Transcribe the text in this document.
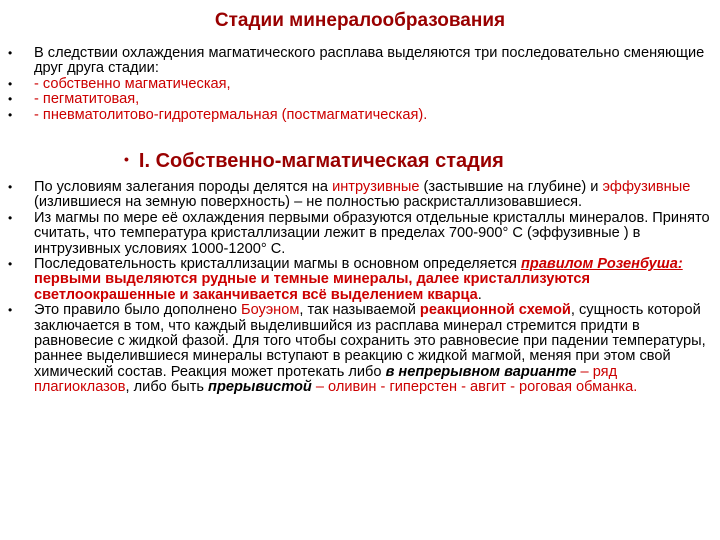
Стадии минералообразования
• В следствии охлаждения магматического расплава выделяются три последовательно сменяющие друг друга стадии:
• - собственно магматическая,
• - пегматитовая,
• - пневматолитово-гидротермальная (постмагматическая).
• I. Собственно-магматическая стадия
• По условиям залегания породы делятся на интрузивные (застывшие на глубине) и эффузивные (излившиеся на земную поверхность) – не полностью раскристаллизовавшиеся.
• Из магмы по мере её охлаждения первыми образуются отдельные кристаллы минералов. Принято считать, что температура кристаллизации лежит в пределах 700-900° С (эффузивные ) в интрузивных условиях 1000-1200° С.
• Последовательность кристаллизации магмы в основном определяется правилом Розенбуша: первыми выделяются рудные и темные минералы, далее кристаллизуются светлоокрашенные и заканчивается всё выделением кварца.
• Это правило было дополнено Боуэном, так называемой реакционной схемой, сущность которой заключается в том, что каждый выделившийся из расплава минерал стремится придти в равновесие с жидкой фазой. Для того чтобы сохранить это равновесие при падении температуры, раннее выделившиеся минералы вступают в реакцию с жидкой магмой, меняя при этом свой химический состав. Реакция может протекать либо в непрерывном варианте – ряд плагиоклазов, либо быть прерывистой – оливин - гиперстен - авгит - роговая обманка.
